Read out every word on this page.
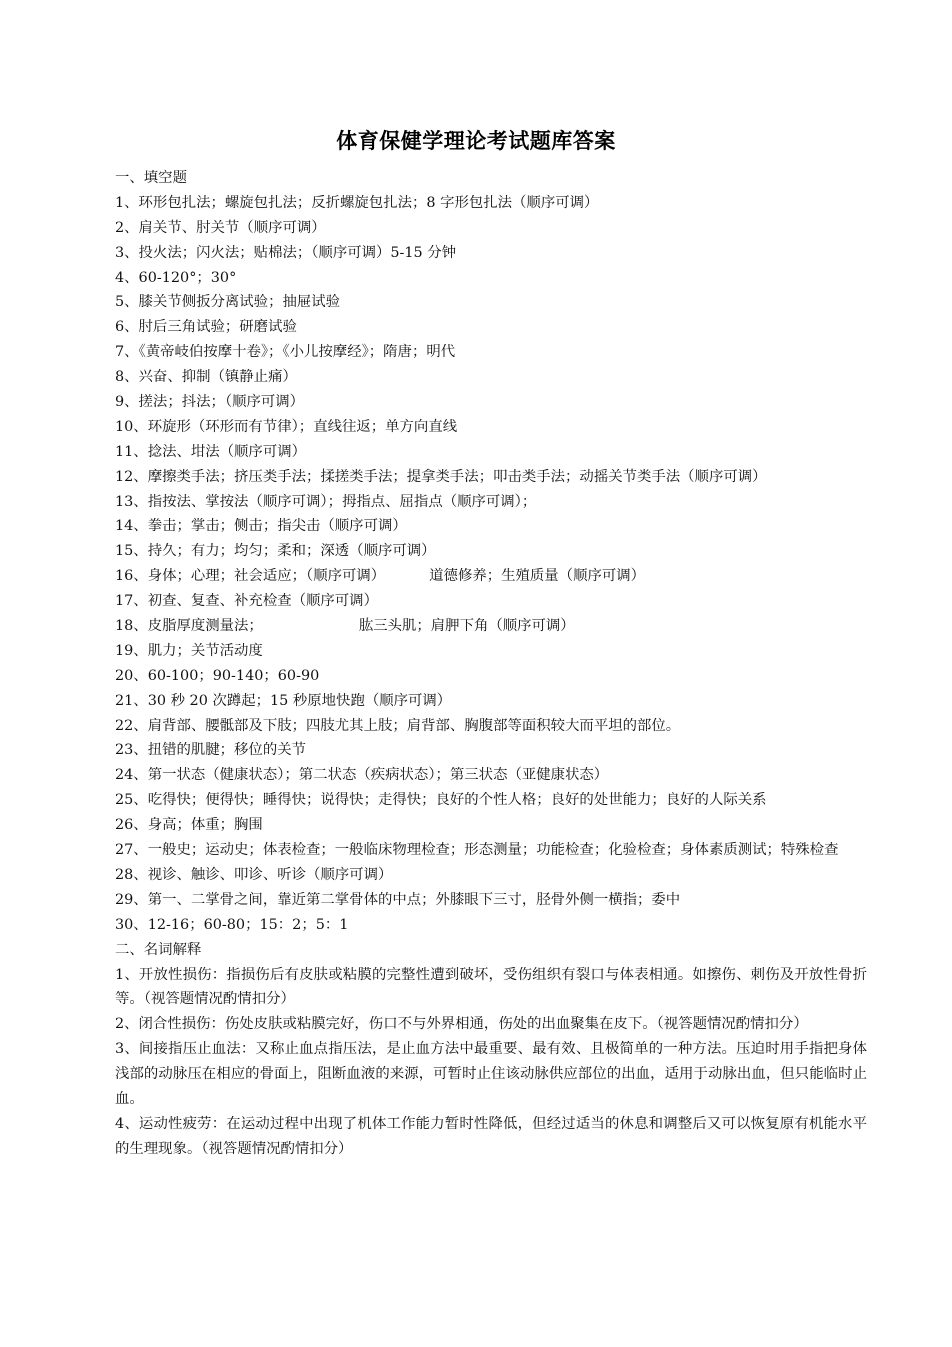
体育保健学理论考试题库答案
一、填空题
1、环形包扎法；螺旋包扎法；反折螺旋包扎法；8 字形包扎法（顺序可调）
2、肩关节、肘关节（顺序可调）
3、投火法；闪火法；贴棉法；（顺序可调）5-15 分钟
4、60-120°；30°
5、膝关节侧扳分离试验；抽屉试验
6、肘后三角试验；研磨试验
7、《黄帝岐伯按摩十卷》；《小儿按摩经》；隋唐；明代
8、兴奋、抑制（镇静止痛）
9、搓法；抖法；（顺序可调）
10、环旋形（环形而有节律）；直线往返；单方向直线
11、捻法、坩法（顺序可调）
12、摩擦类手法；挤压类手法；揉搓类手法；提拿类手法；叩击类手法；动摇关节类手法（顺序可调）
13、指按法、掌按法（顺序可调）；拇指点、屈指点（顺序可调）；
14、拳击；掌击；侧击；指尖击（顺序可调）
15、持久；有力；均匀；柔和；深透（顺序可调）
16、身体；心理；社会适应；（顺序可调）	道德修养；生殖质量（顺序可调）
17、初查、复查、补充检查（顺序可调）
18、皮脂厚度测量法；	肱三头肌；肩胛下角（顺序可调）
19、肌力；关节活动度
20、60-100；90-140；60-90
21、30 秒 20 次蹲起；15 秒原地快跑（顺序可调）
22、肩背部、腰骶部及下肢；四肢尤其上肢；肩背部、胸腹部等面积较大而平坦的部位。
23、扭错的肌腱；移位的关节
24、第一状态（健康状态）；第二状态（疾病状态）；第三状态（亚健康状态）
25、吃得快；便得快；睡得快；说得快；走得快；良好的个性人格；良好的处世能力；良好的人际关系
26、身高；体重；胸围
27、一般史；运动史；体表检查；一般临床物理检查；形态测量；功能检查；化验检查；身体素质测试；特殊检查
28、视诊、触诊、叩诊、听诊（顺序可调）
29、第一、二掌骨之间，靠近第二掌骨体的中点；外膝眼下三寸，胫骨外侧一横指；委中
30、12-16；60-80；15：2；5：1
二、名词解释
1、开放性损伤：指损伤后有皮肤或粘膜的完整性遭到破坏，受伤组织有裂口与体表相通。如擦伤、刺伤及开放性骨折等。（视答题情况酌情扣分）
2、闭合性损伤：伤处皮肤或粘膜完好，伤口不与外界相通，伤处的出血聚集在皮下。（视答题情况酌情扣分）
3、间接指压止血法：又称止血点指压法，是止血方法中最重要、最有效、且极简单的一种方法。压迫时用手指把身体浅部的动脉压在相应的骨面上，阻断血液的来源，可暂时止住该动脉供应部位的出血，适用于动脉出血，但只能临时止血。
4、运动性疲劳：在运动过程中出现了机体工作能力暂时性降低，但经过适当的休息和调整后又可以恢复原有机能水平的生理现象。（视答题情况酌情扣分）
